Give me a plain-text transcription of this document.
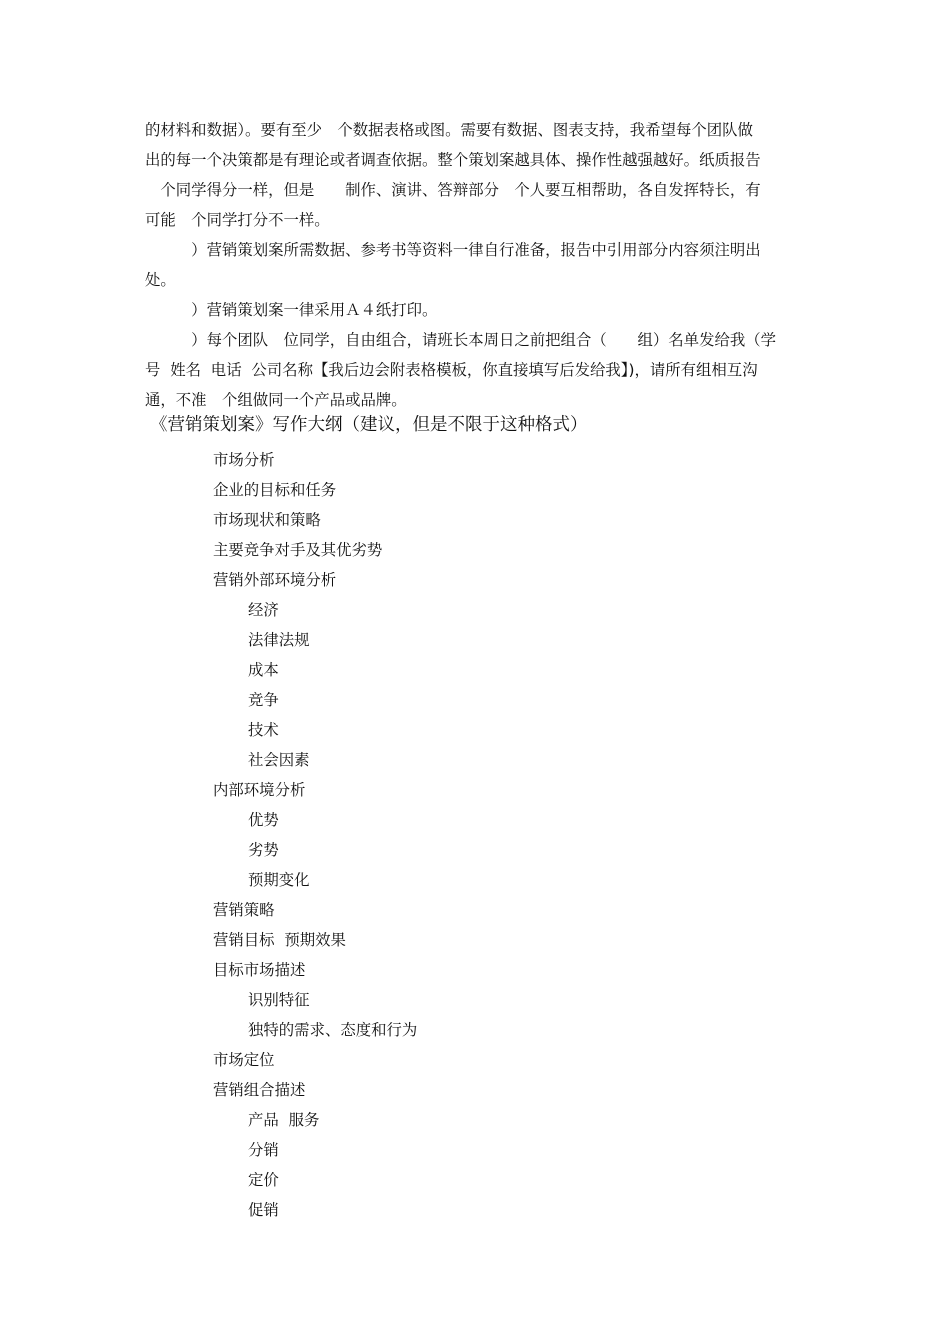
的材料和数据）。要有至少　个数据表格或图。需要有数据、图表支持，我希望每个团队做
出的每一个决策都是有理论或者调查依据。整个策划案越具体、操作性越强越好。纸质报告
　个同学得分一样，但是　　制作、演讲、答辩部分　个人要互相帮助，各自发挥特长，有
可能　个同学打分不一样。
　　　）营销策划案所需数据、参考书等资料一律自行准备，报告中引用部分内容须注明出
处。
　　　）营销策划案一律采用Ａ４纸打印。
　　　）每个团队　位同学，自由组合，请班长本周日之前把组合（　　组）名单发给我（学
号 姓名 电话 公司名称【我后边会附表格模板，你直接填写后发给我】)，请所有组相互沟
通，不准　个组做同一个产品或品牌。
《营销策划案》写作大纲（建议，但是不限于这种格式）
市场分析
企业的目标和任务
市场现状和策略
主要竞争对手及其优劣势
营销外部环境分析
经济
法律法规
成本
竞争
技术
社会因素
内部环境分析
优势
劣势
预期变化
营销策略
营销目标  预期效果
目标市场描述
识别特征
独特的需求、态度和行为
市场定位
营销组合描述
产品  服务
分销
定价
促销
